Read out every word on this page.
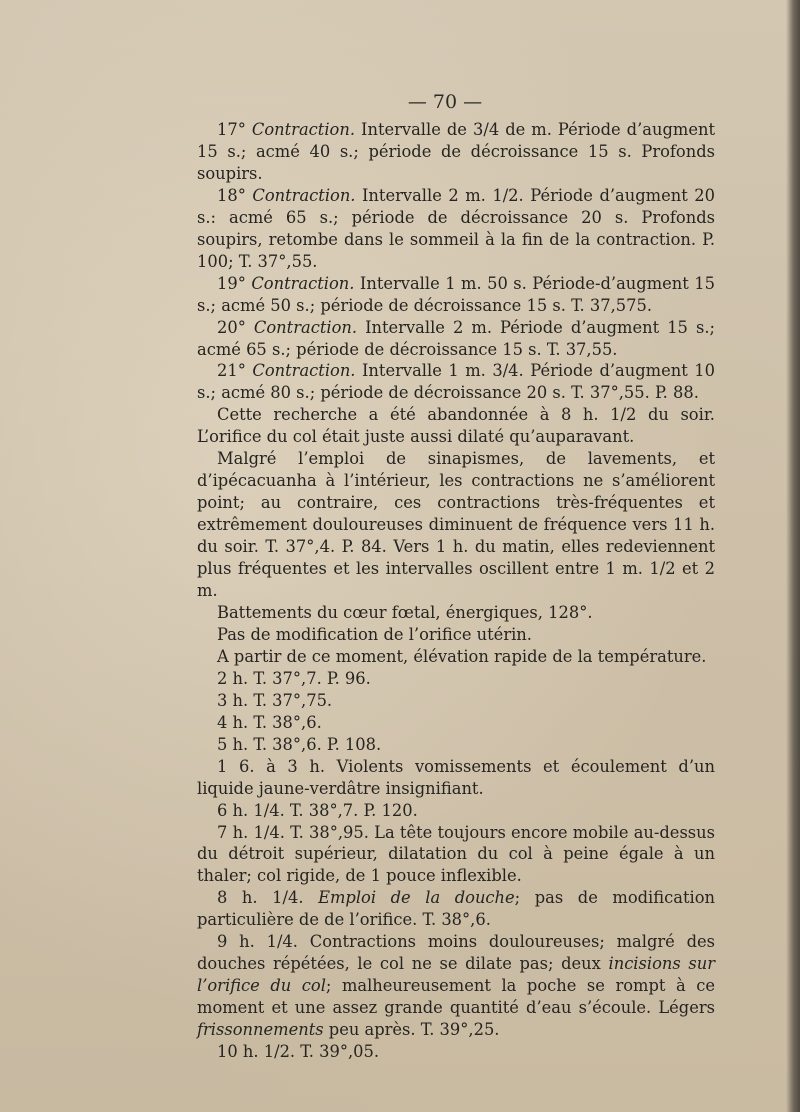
— 70 —

17° Contraction. Intervalle de 3/4 de m. Période d’augment 15 s.; acmé 40 s.; période de décroissance 15 s. Profonds soupirs.

18° Contraction. Intervalle 2 m. 1/2. Période d’augment 20 s.: acmé 65 s.; période de décroissance 20 s. Profonds soupirs, retombe dans le sommeil à la fin de la contraction. P. 100; T. 37°,55.

19° Contraction. Intervalle 1 m. 50 s. Période-d’augment 15 s.; acmé 50 s.; période de décroissance 15 s. T. 37,575.

20° Contraction. Intervalle 2 m. Période d’augment 15 s.; acmé 65 s.; période de décroissance 15 s. T. 37,55.

21° Contraction. Intervalle 1 m. 3/4. Période d’augment 10 s.; acmé 80 s.; période de décroissance 20 s. T. 37°,55. P. 88.

Cette recherche a été abandonnée à 8 h. 1/2 du soir. L’orifice du col était juste aussi dilaté qu’auparavant.

Malgré l’emploi de sinapismes, de lavements, et d’ipécacuanha à l’intérieur, les contractions ne s’améliorent point; au contraire, ces contractions très-fréquentes et extrêmement douloureuses diminuent de fréquence vers 11 h. du soir. T. 37°,4. P. 84. Vers 1 h. du matin, elles redeviennent plus fréquentes et les intervalles oscillent entre 1 m. 1/2 et 2 m.

Battements du cœur fœtal, énergiques, 128°.

Pas de modification de l’orifice utérin.

A partir de ce moment, élévation rapide de la température.

2 h. T. 37°,7. P. 96.

3 h. T. 37°,75.

4 h. T. 38°,6.

5 h. T. 38°,6. P. 108.

1 6. à 3 h. Violents vomissements et écoulement d’un liquide jaune-verdâtre insignifiant.

6 h. 1/4. T. 38°,7. P. 120.

7 h. 1/4. T. 38°,95. La tête toujours encore mobile au-dessus du détroit supérieur, dilatation du col à peine égale à un thaler; col rigide, de 1 pouce inflexible.

8 h. 1/4. Emploi de la douche; pas de modification particulière de de l’orifice. T. 38°,6.

9 h. 1/4. Contractions moins douloureuses; malgré des douches répétées, le col ne se dilate pas; deux incisions sur l’orifice du col; malheureusement la poche se rompt à ce moment et une assez grande quantité d’eau s’écoule. Légers frissonnements peu après. T. 39°,25.

10 h. 1/2. T. 39°,05.
